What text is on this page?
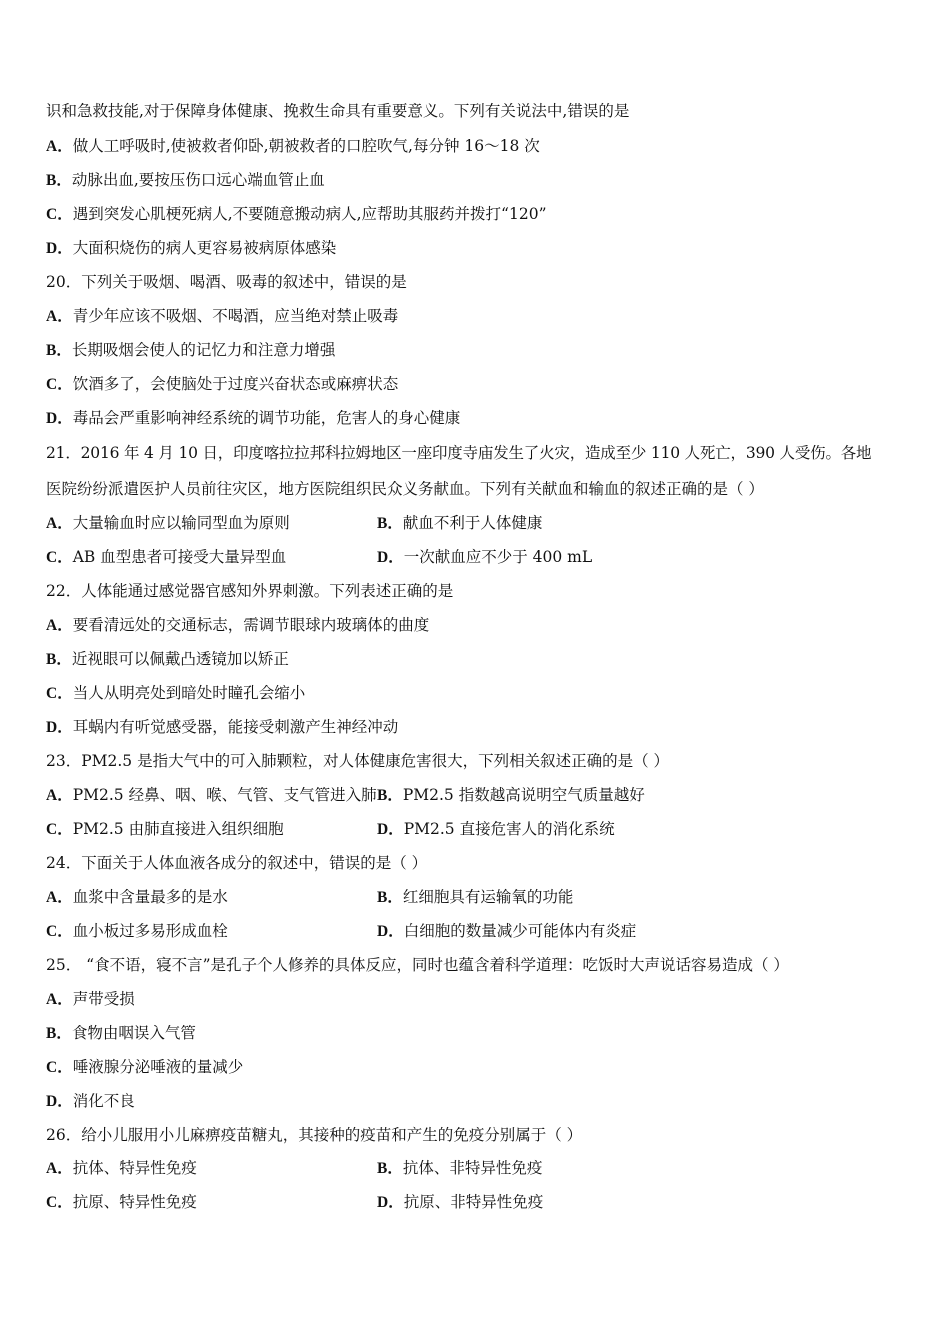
识和急救技能,对于保障身体健康、挽救生命具有重要意义。下列有关说法中,错误的是
A．做人工呼吸时,使被救者仰卧,朝被救者的口腔吹气,每分钟 16～18 次
B．动脉出血,要按压伤口远心端血管止血
C．遇到突发心肌梗死病人,不要随意搬动病人,应帮助其服药并拨打“120”
D．大面积烧伤的病人更容易被病原体感染
20．下列关于吸烟、喝酒、吸毒的叙述中，错误的是
A．青少年应该不吸烟、不喝酒，应当绝对禁止吸毒
B．长期吸烟会使人的记忆力和注意力增强
C．饮酒多了，会使脑处于过度兴奋状态或麻痹状态
D．毒品会严重影响神经系统的调节功能，危害人的身心健康
21．2016 年 4 月 10 日，印度喀拉拉邦科拉姆地区一座印度寺庙发生了火灾，造成至少 110 人死亡，390 人受伤。各地
医院纷纷派遣医护人员前往灾区，地方医院组织民众义务献血。下列有关献血和输血的叙述正确的是（ ）
A．大量输血时应以输同型血为原则	B．献血不利于人体健康
C．AB 血型患者可接受大量异型血	D．一次献血应不少于 400 mL
22．人体能通过感觉器官感知外界刺激。下列表述正确的是
A．要看清远处的交通标志，需调节眼球内玻璃体的曲度
B．近视眼可以佩戴凸透镜加以矫正
C．当人从明亮处到暗处时瞳孔会缩小
D．耳蜗内有听觉感受器，能接受刺激产生神经冲动
23．PM2.5 是指大气中的可入肺颗粒，对人体健康危害很大，下列相关叙述正确的是（ ）
A．PM2.5 经鼻、咽、喉、气管、支气管进入肺 B．PM2.5 指数越高说明空气质量越好
C．PM2.5 由肺直接进入组织细胞	D．PM2.5 直接危害人的消化系统
24．下面关于人体血液各成分的叙述中，错误的是（ ）
A．血浆中含量最多的是水	B．红细胞具有运输氧的功能
C．血小板过多易形成血栓	D．白细胞的数量减少可能体内有炎症
25． “食不语，寝不言”是孔子个人修养的具体反应，同时也蕴含着科学道理：吃饭时大声说话容易造成（ ）
A．声带受损
B．食物由咽误入气管
C．唾液腺分泌唾液的量减少
D．消化不良
26．给小儿服用小儿麻痹疫苗糖丸，其接种的疫苗和产生的免疫分别属于（ ）
A．抗体、特异性免疫	B．抗体、非特异性免疫
C．抗原、特异性免疫	D．抗原、非特异性免疫
